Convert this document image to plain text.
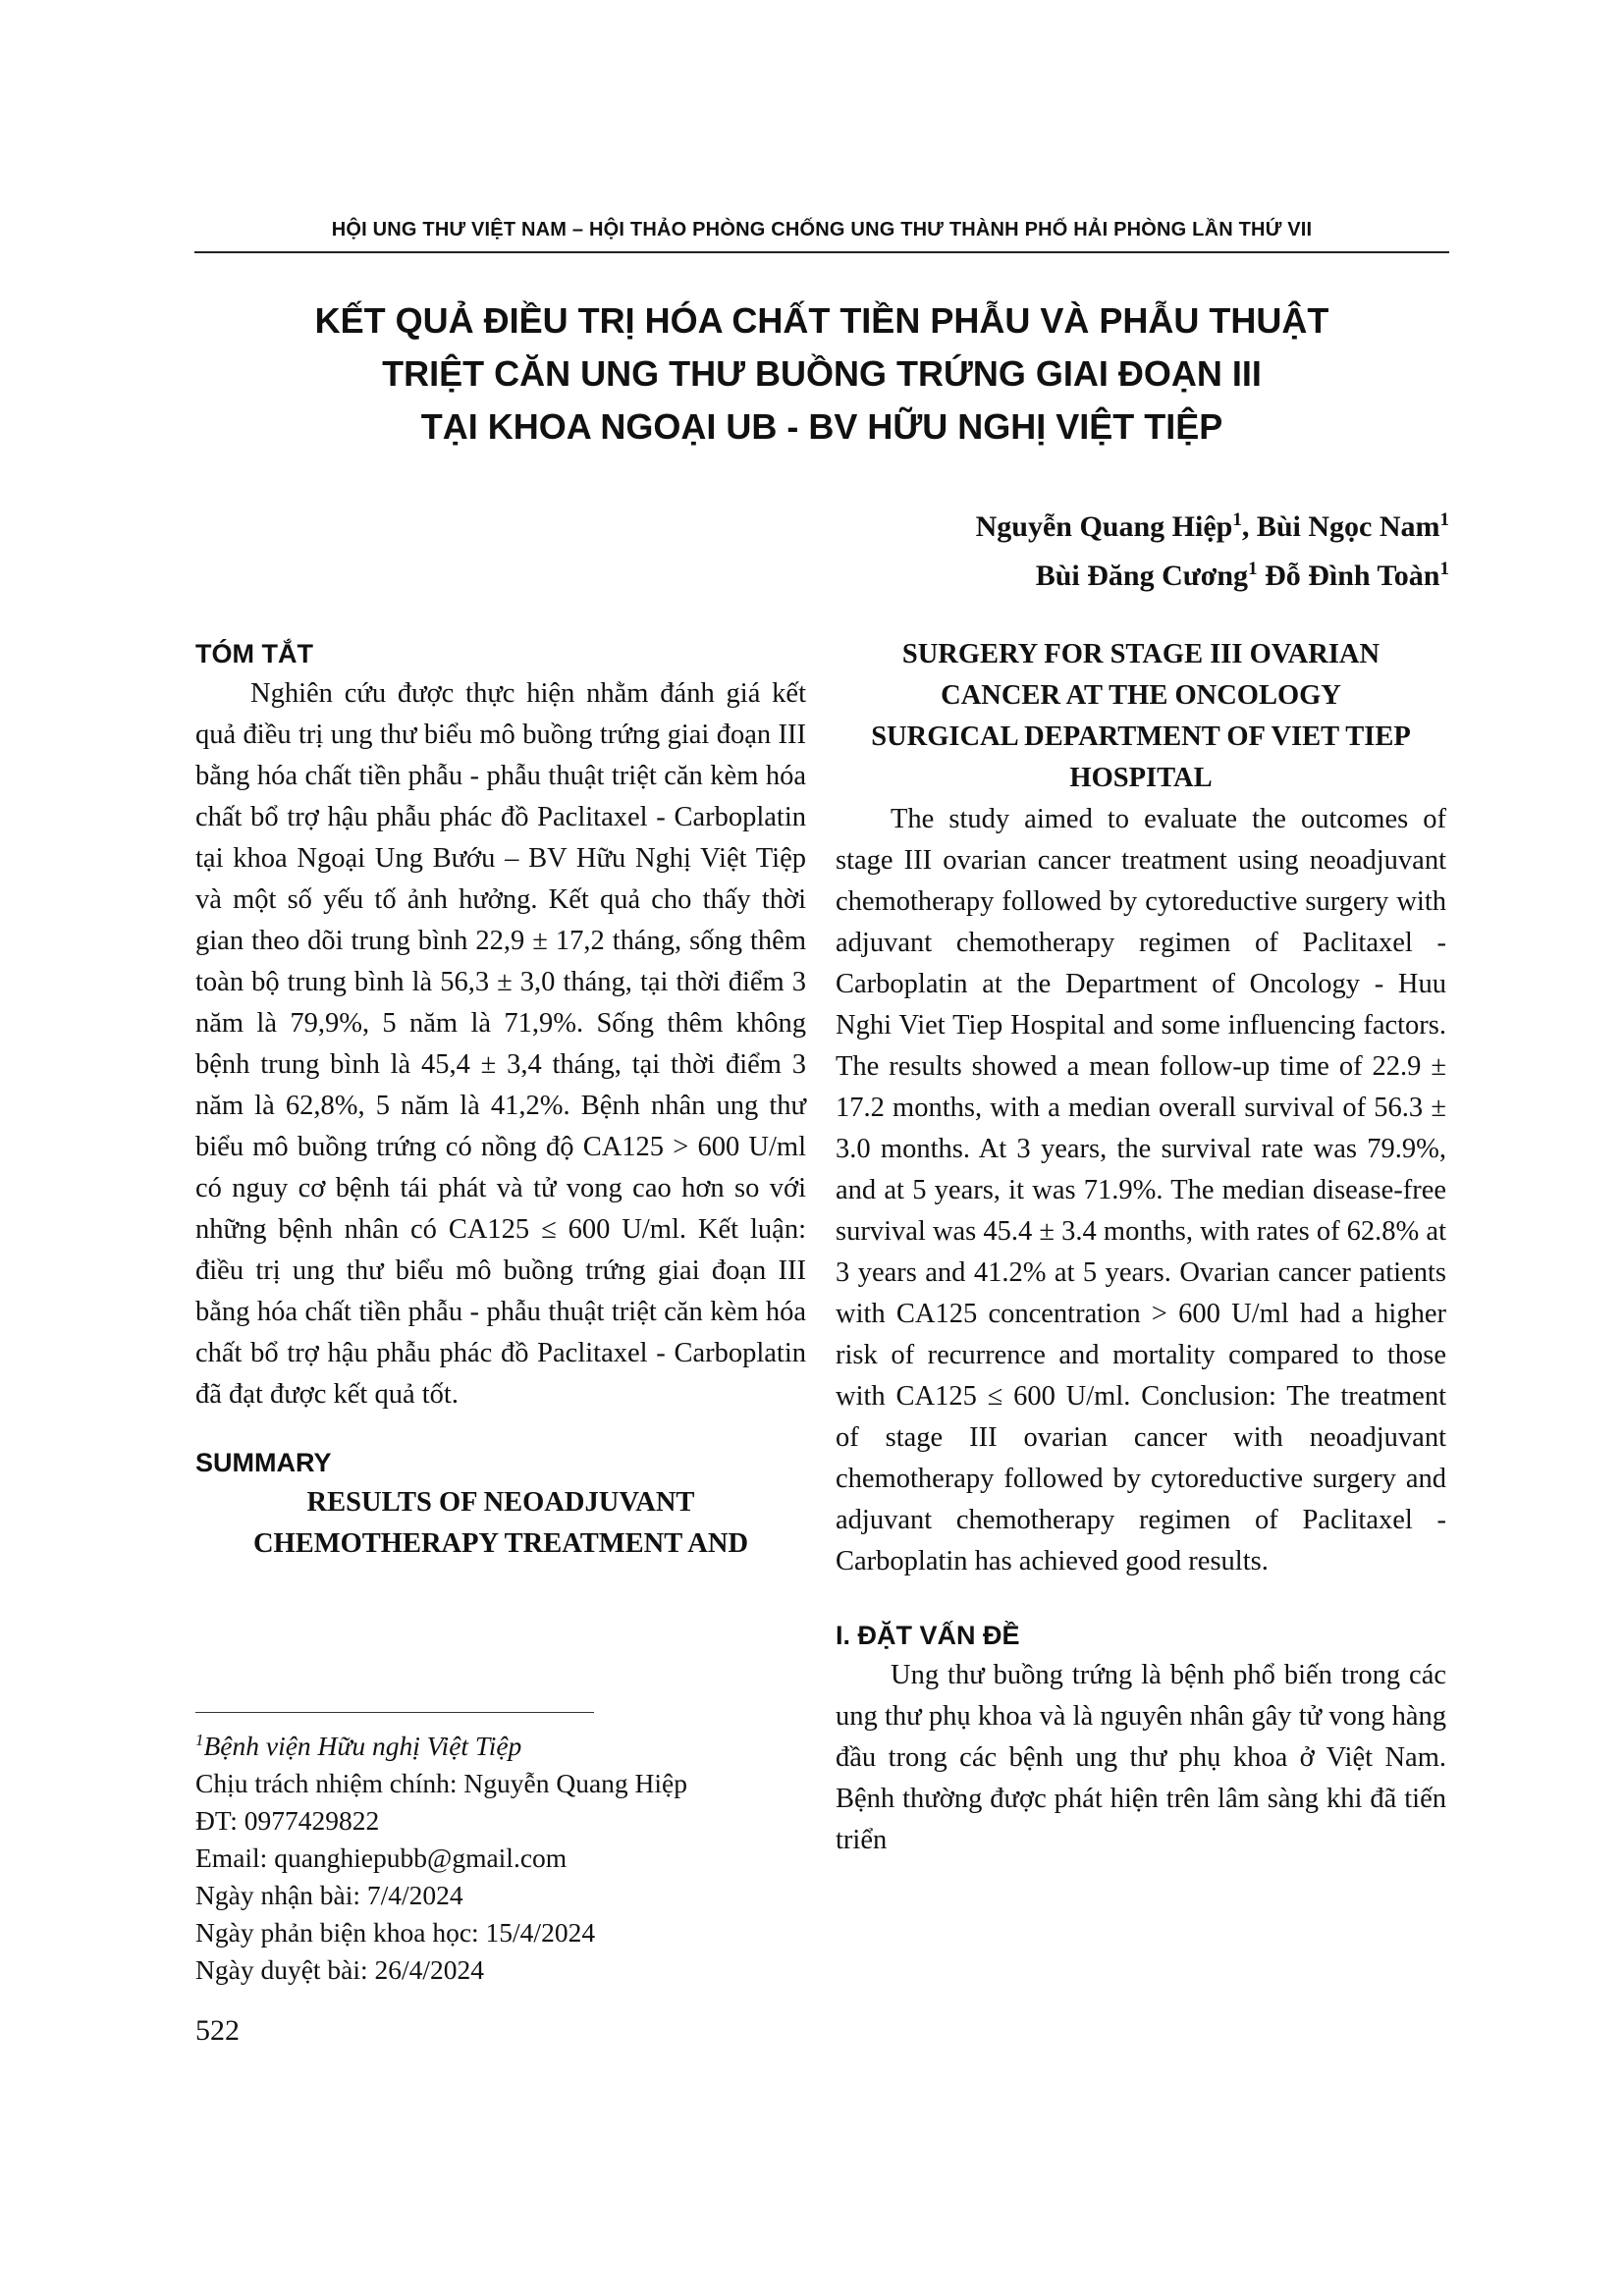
HỘI UNG THƯ VIỆT NAM – HỘI THẢO PHÒNG CHỐNG UNG THƯ THÀNH PHỐ HẢI PHÒNG LẦN THỨ VII
KẾT QUẢ ĐIỀU TRỊ HÓA CHẤT TIỀN PHẪU VÀ PHẪU THUẬT
TRIỆT CĂN UNG THƯ BUỒNG TRỨNG GIAI ĐOẠN III
TẠI KHOA NGOẠI UB - BV HỮU NGHỊ VIỆT TIỆP
Nguyễn Quang Hiệp$^1$, Bùi Ngọc Nam$^1$
Bùi Đăng Cương$^1$ Đỗ Đình Toàn$^1$
TÓM TẮT

Nghiên cứu được thực hiện nhằm đánh giá kết quả điều trị ung thư biểu mô buồng trứng giai đoạn III bằng hóa chất tiền phẫu - phẫu thuật triệt căn kèm hóa chất bổ trợ hậu phẫu phác đồ Paclitaxel - Carboplatin tại khoa Ngoại Ung Bướu – BV Hữu Nghị Việt Tiệp và một số yếu tố ảnh hưởng. Kết quả cho thấy thời gian theo dõi trung bình 22,9 ± 17,2 tháng, sống thêm toàn bộ trung bình là 56,3 ± 3,0 tháng, tại thời điểm 3 năm là 79,9%, 5 năm là 71,9%. Sống thêm không bệnh trung bình là 45,4 ± 3,4 tháng, tại thời điểm 3 năm là 62,8%, 5 năm là 41,2%. Bệnh nhân ung thư biểu mô buồng trứng có nồng độ CA125 > 600 U/ml có nguy cơ bệnh tái phát và tử vong cao hơn so với những bệnh nhân có CA125 ≤ 600 U/ml. Kết luận: điều trị ung thư biểu mô buồng trứng giai đoạn III bằng hóa chất tiền phẫu - phẫu thuật triệt căn kèm hóa chất bổ trợ hậu phẫu phác đồ Paclitaxel - Carboplatin đã đạt được kết quả tốt.

SUMMARY
RESULTS OF NEOADJUVANT
CHEMOTHERAPY TREATMENT AND
SURGERY FOR STAGE III OVARIAN
CANCER AT THE ONCOLOGY
SURGICAL DEPARTMENT OF VIET TIEP
HOSPITAL

The study aimed to evaluate the outcomes of stage III ovarian cancer treatment using neoadjuvant chemotherapy followed by cytoreductive surgery with adjuvant chemotherapy regimen of Paclitaxel - Carboplatin at the Department of Oncology - Huu Nghi Viet Tiep Hospital and some influencing factors. The results showed a mean follow-up time of 22.9 ± 17.2 months, with a median overall survival of 56.3 ± 3.0 months. At 3 years, the survival rate was 79.9%, and at 5 years, it was 71.9%. The median disease-free survival was 45.4 ± 3.4 months, with rates of 62.8% at 3 years and 41.2% at 5 years. Ovarian cancer patients with CA125 concentration > 600 U/ml had a higher risk of recurrence and mortality compared to those with CA125 ≤ 600 U/ml. Conclusion: The treatment of stage III ovarian cancer with neoadjuvant chemotherapy followed by cytoreductive surgery and adjuvant chemotherapy regimen of Paclitaxel - Carboplatin has achieved good results.

I. ĐẶT VẤN ĐỀ

Ung thư buồng trứng là bệnh phổ biến trong các ung thư phụ khoa và là nguyên nhân gây tử vong hàng đầu trong các bệnh ung thư phụ khoa ở Việt Nam. Bệnh thường được phát hiện trên lâm sàng khi đã tiến triển

$^1$Bệnh viện Hữu nghị Việt Tiệp
Chịu trách nhiệm chính: Nguyễn Quang Hiệp
ĐT: 0977429822
Email: quanghiepubb@gmail.com
Ngày nhận bài: 7/4/2024
Ngày phản biện khoa học: 15/4/2024
Ngày duyệt bài: 26/4/2024
522
